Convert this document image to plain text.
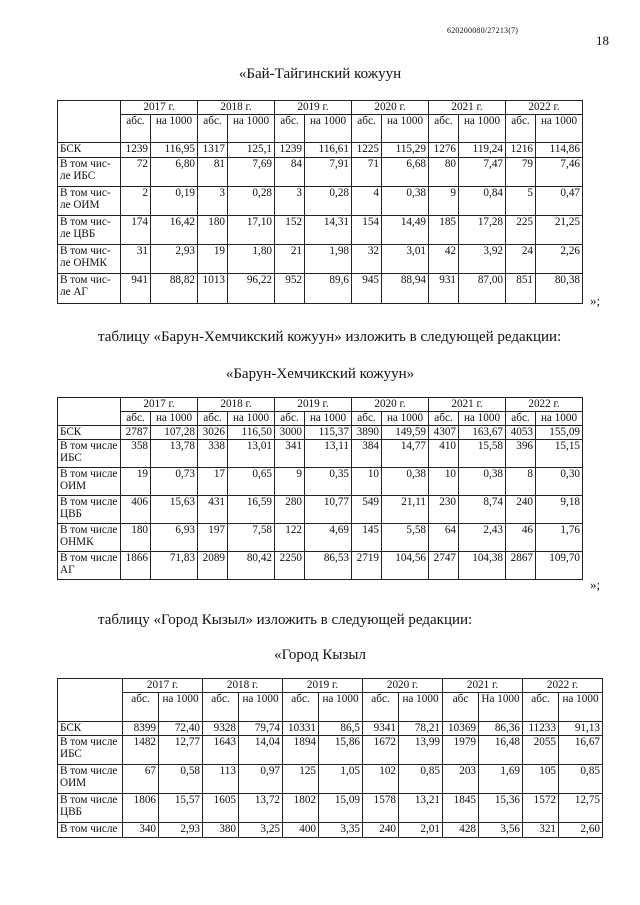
620200080/27213(7)
18
«Бай-Тайгинский кожуун
	2017 г.		2018 г.		2019 г.		2020 г.		2021 г.		2022 г.	
	абс.	на 1000	абс.	на 1000	абс.	на 1000	абс.	на 1000	абс.	на 1000	абс.	на 1000
БСК	1239	116,95	1317	125,1	1239	116,61	1225	115,29	1276	119,24	1216	114,86
В том чис-ле ИБС	72	6,80	81	7,69	84	7,91	71	6,68	80	7,47	79	7,46
В том чис-ле ОИМ	2	0,19	3	0,28	3	0,28	4	0,38	9	0,84	5	0,47
В том чис-ле ЦВБ	174	16,42	180	17,10	152	14,31	154	14,49	185	17,28	225	21,25
В том чис-ле ОНМК	31	2,93	19	1,80	21	1,98	32	3,01	42	3,92	24	2,26
В том чис-ле АГ	941	88,82	1013	96,22	952	89,6	945	88,94	931	87,00	851	80,38
»;
таблицу «Барун-Хемчикский кожуун» изложить в следующей редакции:
«Барун-Хемчикский кожуун»
	2017 г.		2018 г.		2019 г.		2020 г.		2021 г.		2022 г.	
	абс.	на 1000	абс.	на 1000	абс.	на 1000	абс.	на 1000	абс.	на 1000	абс.	на 1000
БСК	2787	107,28	3026	116,50	3000	115,37	3890	149,59	4307	163,67	4053	155,09
В том числе ИБС	358	13,78	338	13,01	341	13,11	384	14,77	410	15,58	396	15,15
В том числе ОИМ	19	0,73	17	0,65	9	0,35	10	0,38	10	0,38	8	0,30
В том числе ЦВБ	406	15,63	431	16,59	280	10,77	549	21,11	230	8,74	240	9,18
В том числе ОНМК	180	6,93	197	7,58	122	4,69	145	5,58	64	2,43	46	1,76
В том числе АГ	1866	71,83	2089	80,42	2250	86,53	2719	104,56	2747	104,38	2867	109,70
»;
таблицу «Город Кызыл» изложить в следующей редакции:
«Город Кызыл
	2017 г.		2018 г.		2019 г.		2020 г.		2021 г.		2022 г.	
	абс.	на 1000	абс.	на 1000	абс.	на 1000	абс.	на 1000	абс	На 1000	абс.	на 1000
БСК	8399	72,40	9328	79,74	10331	86,5	9341	78,21	10369	86,36	11233	91,13
В том числе ИБС	1482	12,77	1643	14,04	1894	15,86	1672	13,99	1979	16,48	2055	16,67
В том числе ОИМ	67	0,58	113	0,97	125	1,05	102	0,85	203	1,69	105	0,85
В том числе ЦВБ	1806	15,57	1605	13,72	1802	15,09	1578	13,21	1845	15,36	1572	12,75
В том числе	340	2,93	380	3,25	400	3,35	240	2,01	428	3,56	321	2,60
